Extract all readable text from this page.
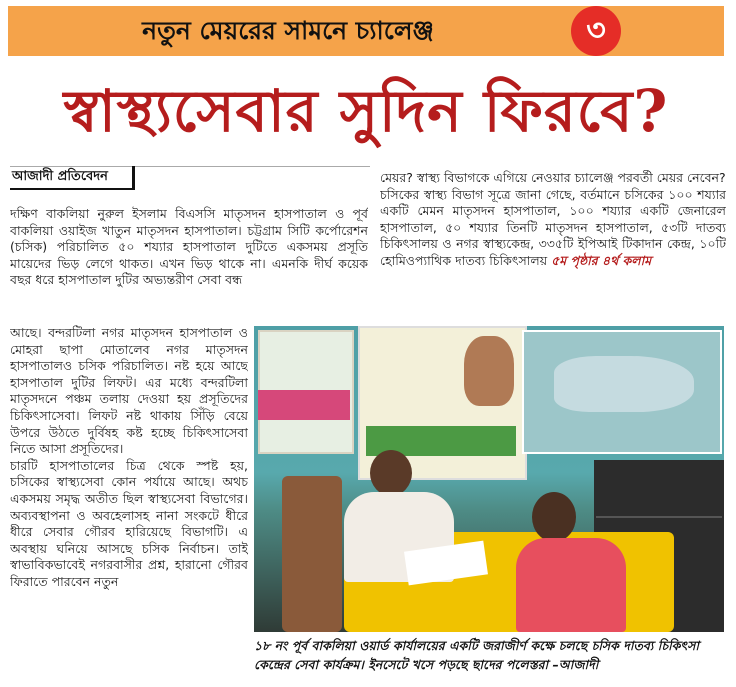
নতুন মেয়রের সামনে চ্যালেঞ্জ	৩
স্বাস্থ্যসেবার সুদিন ফিরবে?
আজাদী প্রতিবেদন

দক্ষিণ বাকলিয়া নুরুল ইসলাম বিএসসি মাতৃসদন হাসপাতাল ও পূর্ব বাকলিয়া ওয়াইজ খাতুন মাতৃসদন হাসপাতাল। চট্টগ্রাম সিটি কর্পোরেশন (চসিক) পরিচালিত ৫০ শয্যার হাসপাতাল দুটিতে একসময় প্রসূতি মায়েদের ভিড় লেগে থাকত। এখন ভিড় থাকে না। এমনকি দীর্ঘ কয়েক বছর ধরে হাসপাতাল দুটির অভ্যন্তরীণ সেবা বন্ধ

আছে। বন্দরটিলা নগর মাতৃসদন হাসপাতাল ও মোহরা ছাপা মোতালেব নগর মাতৃসদন হাসপাতালও চসিক পরিচালিত। নষ্ট হয়ে আছে হাসপাতাল দুটির লিফট। এর মধ্যে বন্দরটিলা মাতৃসদনে পঞ্চম তলায় দেওয়া হয় প্রসূতিদের চিকিৎসাসেবা। লিফট নষ্ট থাকায় সিঁড়ি বেয়ে উপরে উঠতে দুর্বিষহ কষ্ট হচ্ছে চিকিৎসাসেবা নিতে আসা প্রসূতিদের।

চারটি হাসপাতালের চিত্র থেকে স্পষ্ট হয়, চসিকের স্বাস্থ্যসেবা কোন পর্যায়ে আছে। অথচ একসময় সমৃদ্ধ অতীত ছিল স্বাস্থ্যসেবা বিভাগের। অব্যবস্থাপনা ও অবহেলাসহ নানা সংকটে ধীরে ধীরে সেবার গৌরব হারিয়েছে বিভাগটি। এ অবস্থায় ঘনিয়ে আসছে চসিক নির্বাচন। তাই স্বাভাবিকভাবেই নগরবাসীর প্রশ্ন, হারানো গৌরব ফিরাতে পারবেন নতুন

মেয়র? স্বাস্থ্য বিভাগকে এগিয়ে নেওয়ার চ্যালেঞ্জ পরবর্তী মেয়র নেবেন?

চসিকের স্বাস্থ্য বিভাগ সূত্রে জানা গেছে, বর্তমানে চসিকের ১০০ শয্যার একটি মেমন মাতৃসদন হাসপাতাল, ১০০ শয্যার একটি জেনারেল হাসপাতাল, ৫০ শয্যার তিনটি মাতৃসদন হাসপাতাল, ৫৩টি দাতব্য চিকিৎসালয় ও নগর স্বাস্থ্যকেন্দ্র, ৩৩৫টি ইপিআই টিকাদান কেন্দ্র, ১০টি হোমিওপ্যাথিক দাতব্য চিকিৎসালয় ৫ম পৃষ্ঠার ৪র্থ কলাম

১৮ নং পূর্ব বাকলিয়া ওয়ার্ড কার্যালয়ের একটি জরাজীর্ণ কক্ষে চলছে চসিক দাতব্য চিকিৎসা কেন্দ্রের সেবা কার্যক্রম। ইনসেটে খসে পড়ছে ছাদের পলেস্তরা –আজাদী
